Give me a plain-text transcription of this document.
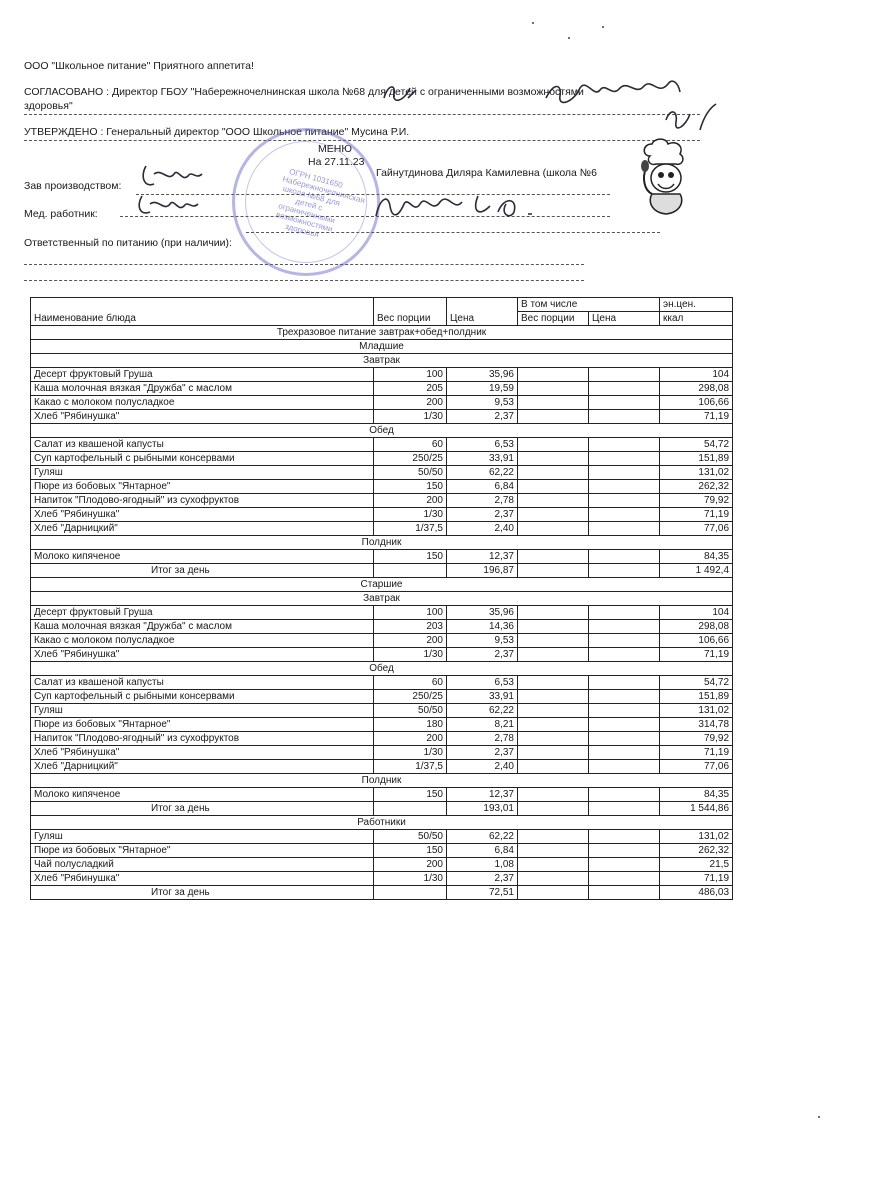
ООО "Школьное питание" Приятного аппетита!
СОГЛАСОВАНО : Директор ГБОУ "Набережночелнинская школа №68 для детей с ограниченными возможностями
здоровья"
УТВЕРЖДЕНО : Генеральный директор "ООО Школьное питание" Мусина Р.И.
МЕНЮ
На 27.11.23
Зав производством:
Гайнутдинова Диляра Камилевна (школа №6
Мед. работник:
Ответственный по питанию (при наличии):
ОГРН 1031650 Набережночелнинская школа №68 для детей с ограниченными возможностями здоровья
Наименование блюда	Вес порции	Цена	В том числе		эн.цен.
			Вес порции	Цена	ккал
Трехразовое питание завтрак+обед+полдник					
Младшие					
Завтрак					
Десерт фруктовый Груша	100	35,96			104
Каша молочная вязкая "Дружба" с маслом	205	19,59			298,08
Какао с молоком полусладкое	200	9,53			106,66
Хлеб "Рябинушка"	1/30	2,37			71,19
Обед					
Салат из квашеной капусты	60	6,53			54,72
Суп картофельный с рыбными консервами	250/25	33,91			151,89
Гуляш	50/50	62,22			131,02
Пюре из бобовых "Янтарное"	150	6,84			262,32
Напиток "Плодово-ягодный" из сухофруктов	200	2,78			79,92
Хлеб "Рябинушка"	1/30	2,37			71,19
Хлеб "Дарницкий"	1/37,5	2,40			77,06
Полдник					
Молоко кипяченое	150	12,37			84,35
Итог за день		196,87			1 492,4
Старшие					
Завтрак					
Десерт фруктовый Груша	100	35,96			104
Каша молочная вязкая "Дружба" с маслом	203	14,36			298,08
Какао с молоком полусладкое	200	9,53			106,66
Хлеб "Рябинушка"	1/30	2,37			71,19
Обед					
Салат из квашеной капусты	60	6,53			54,72
Суп картофельный с рыбными консервами	250/25	33,91			151,89
Гуляш	50/50	62,22			131,02
Пюре из бобовых "Янтарное"	180	8,21			314,78
Напиток "Плодово-ягодный" из сухофруктов	200	2,78			79,92
Хлеб "Рябинушка"	1/30	2,37			71,19
Хлеб "Дарницкий"	1/37,5	2,40			77,06
Полдник					
Молоко кипяченое	150	12,37			84,35
Итог за день		193,01			1 544,86
Работники					
Гуляш	50/50	62,22			131,02
Пюре из бобовых "Янтарное"	150	6,84			262,32
Чай полусладкий	200	1,08			21,5
Хлеб "Рябинушка"	1/30	2,37			71,19
Итог за день		72,51			486,03
